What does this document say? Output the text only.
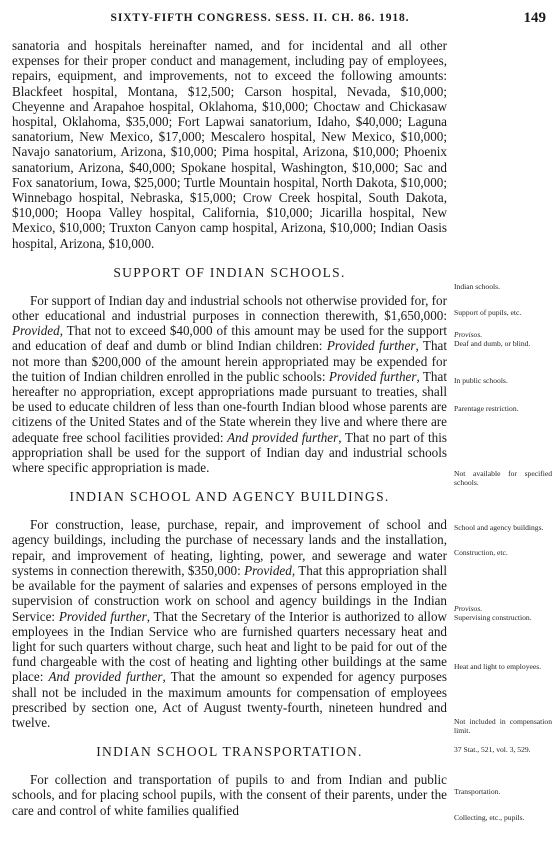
SIXTY-FIFTH CONGRESS. SESS. II. CH. 86. 1918.	149

sanatoria and hospitals hereinafter named, and for incidental and all other expenses for their proper conduct and management, including pay of employees, repairs, equipment, and improvements, not to exceed the following amounts: Blackfeet hospital, Montana, $12,500; Carson hospital, Nevada, $10,000; Cheyenne and Arapahoe hospital, Oklahoma, $10,000; Choctaw and Chickasaw hospital, Oklahoma, $35,000; Fort Lapwai sanatorium, Idaho, $40,000; Laguna sanatorium, New Mexico, $17,000; Mescalero hospital, New Mexico, $10,000; Navajo sanatorium, Arizona, $10,000; Pima hospital, Arizona, $10,000; Phoenix sanatorium, Arizona, $40,000; Spokane hospital, Washington, $10,000; Sac and Fox sanatorium, Iowa, $25,000; Turtle Mountain hospital, North Dakota, $10,000; Winnebago hospital, Nebraska, $15,000; Crow Creek hospital, South Dakota, $10,000; Hoopa Valley hospital, California, $10,000; Jicarilla hospital, New Mexico, $10,000; Truxton Canyon camp hospital, Arizona, $10,000; Indian Oasis hospital, Arizona, $10,000.

SUPPORT OF INDIAN SCHOOLS.

For support of Indian day and industrial schools not otherwise provided for, for other educational and industrial purposes in connection therewith, $1,650,000: Provided, That not to exceed $40,000 of this amount may be used for the support and education of deaf and dumb or blind Indian children: Provided further, That not more than $200,000 of the amount herein appropriated may be expended for the tuition of Indian children enrolled in the public schools: Provided further, That hereafter no appropriation, except appropriations made pursuant to treaties, shall be used to educate children of less than one-fourth Indian blood whose parents are citizens of the United States and of the State wherein they live and where there are adequate free school facilities provided: And provided further, That no part of this appropriation shall be used for the support of Indian day and industrial schools where specific appropriation is made.

INDIAN SCHOOL AND AGENCY BUILDINGS.

For construction, lease, purchase, repair, and improvement of school and agency buildings, including the purchase of necessary lands and the installation, repair, and improvement of heating, lighting, power, and sewerage and water systems in connection therewith, $350,000: Provided, That this appropriation shall be available for the payment of salaries and expenses of persons employed in the supervision of construction work on school and agency buildings in the Indian Service: Provided further, That the Secretary of the Interior is authorized to allow employees in the Indian Service who are furnished quarters necessary heat and light for such quarters without charge, such heat and light to be paid for out of the fund chargeable with the cost of heating and lighting other buildings at the same place: And provided further, That the amount so expended for agency purposes shall not be included in the maximum amounts for compensation of employees prescribed by section one, Act of August twenty-fourth, nineteen hundred and twelve.

INDIAN SCHOOL TRANSPORTATION.

For collection and transportation of pupils to and from Indian and public schools, and for placing school pupils, with the consent of their parents, under the care and control of white families qualified

Indian schools.
Support of pupils, etc.
Provisos.
Deaf and dumb, or blind.
In public schools.
Parentage restriction.
Not available for specified schools.
School and agency buildings.
Construction, etc.
Provisos.
Supervising construction.
Heat and light to employees.
Not included in compensation limit.
37 Stat., 521, vol. 3, 529.
Transportation.
Collecting, etc., pupils.
